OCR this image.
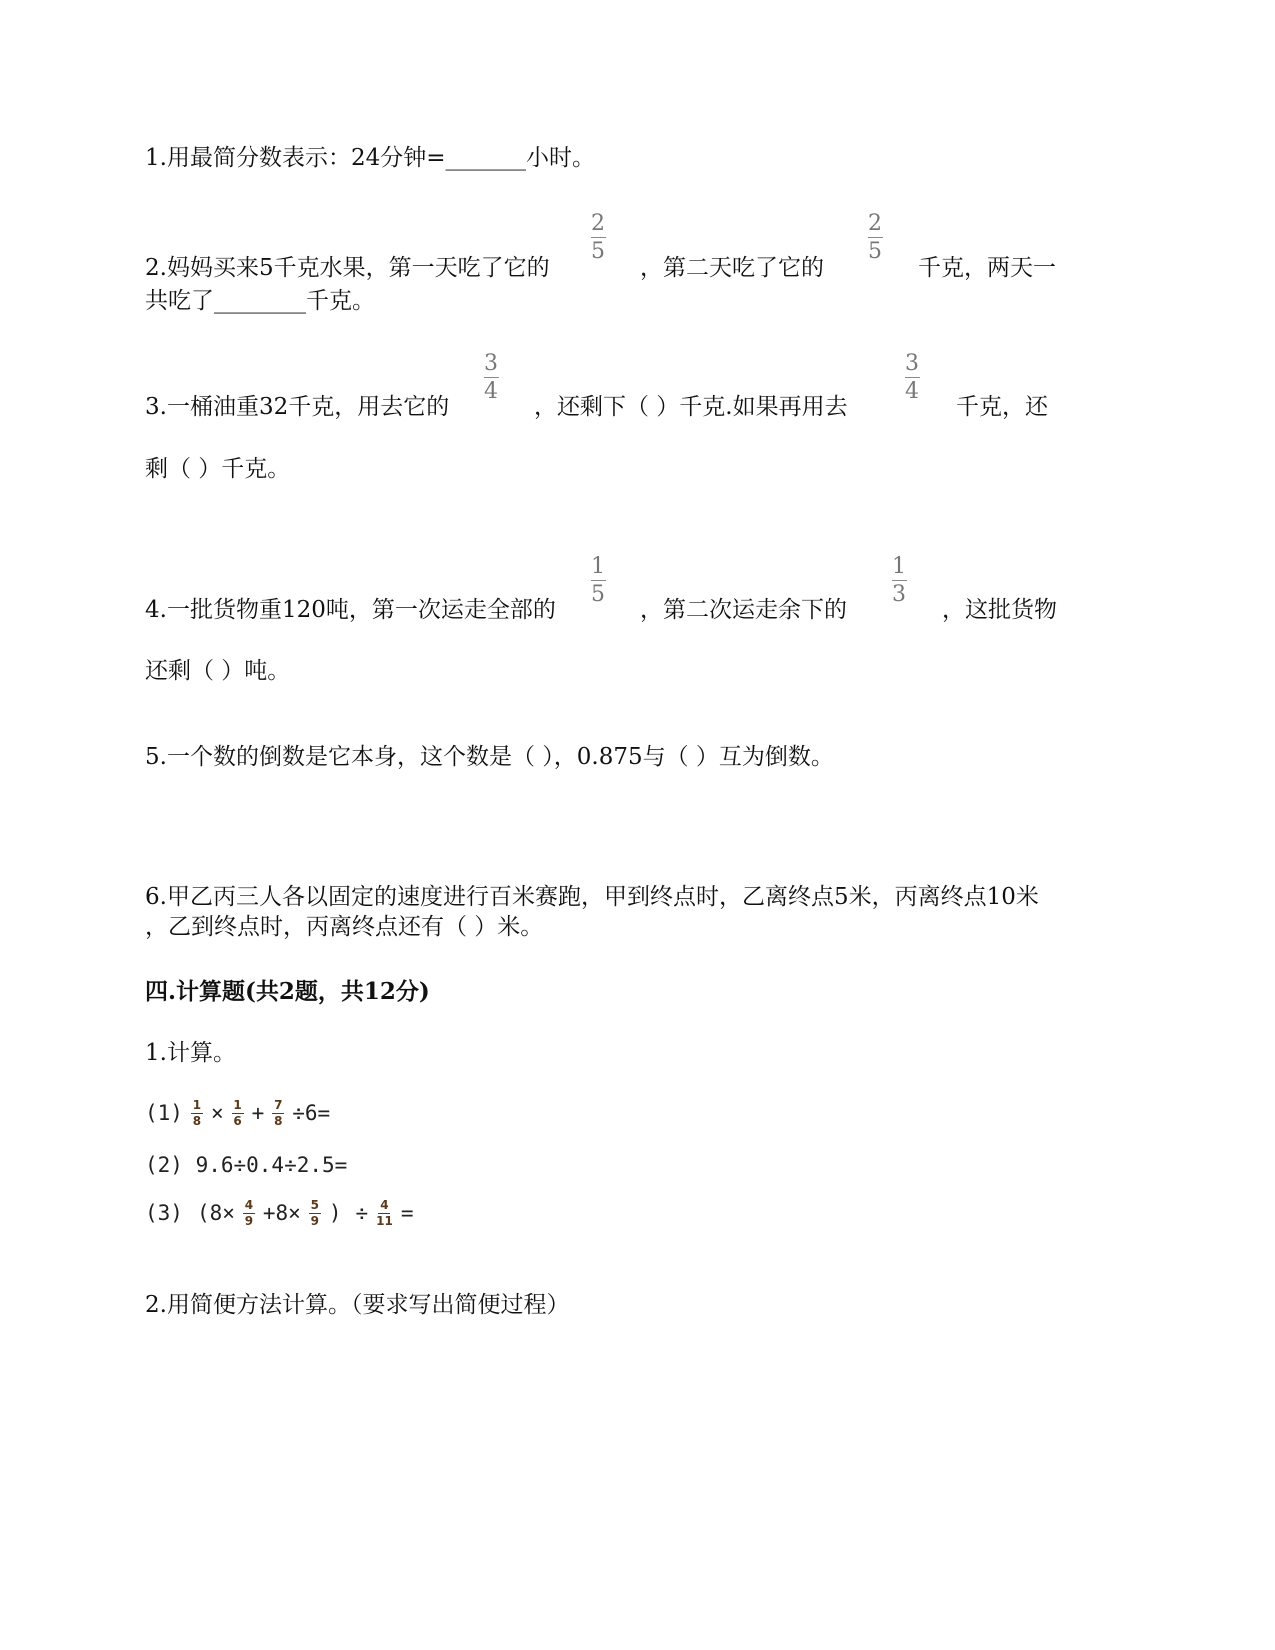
1.用最简分数表示：24分钟=_______小时。
2
5
2
5
2.妈妈买来5千克水果，第一天吃了它的	，第二天吃了它的	千克，两天一
共吃了________千克。
3
4
3
4
3.一桶油重32千克，用去它的	，还剩下（ ）千克.如果再用去	千克，还
剩（ ）千克。
1
5
1
3
4.一批货物重120吨，第一次运走全部的	，第二次运走余下的	，这批货物
还剩（ ）吨。
5.一个数的倒数是它本身，这个数是（ ），0.875与（ ）互为倒数。
6.甲乙丙三人各以固定的速度进行百米赛跑，甲到终点时，乙离终点5米，丙离终点10米
，乙到终点时，丙离终点还有（ ）米。
四.计算题(共2题，共12分)
1.计算。
(1) 1
8 × 1
6 + 7
8 ÷6=
(2) 9.6÷0.4÷2.5=
(3) (8× 4
9 +8× 5
9 ) ÷ 4
11 =
2.用简便方法计算。（要求写出简便过程）
